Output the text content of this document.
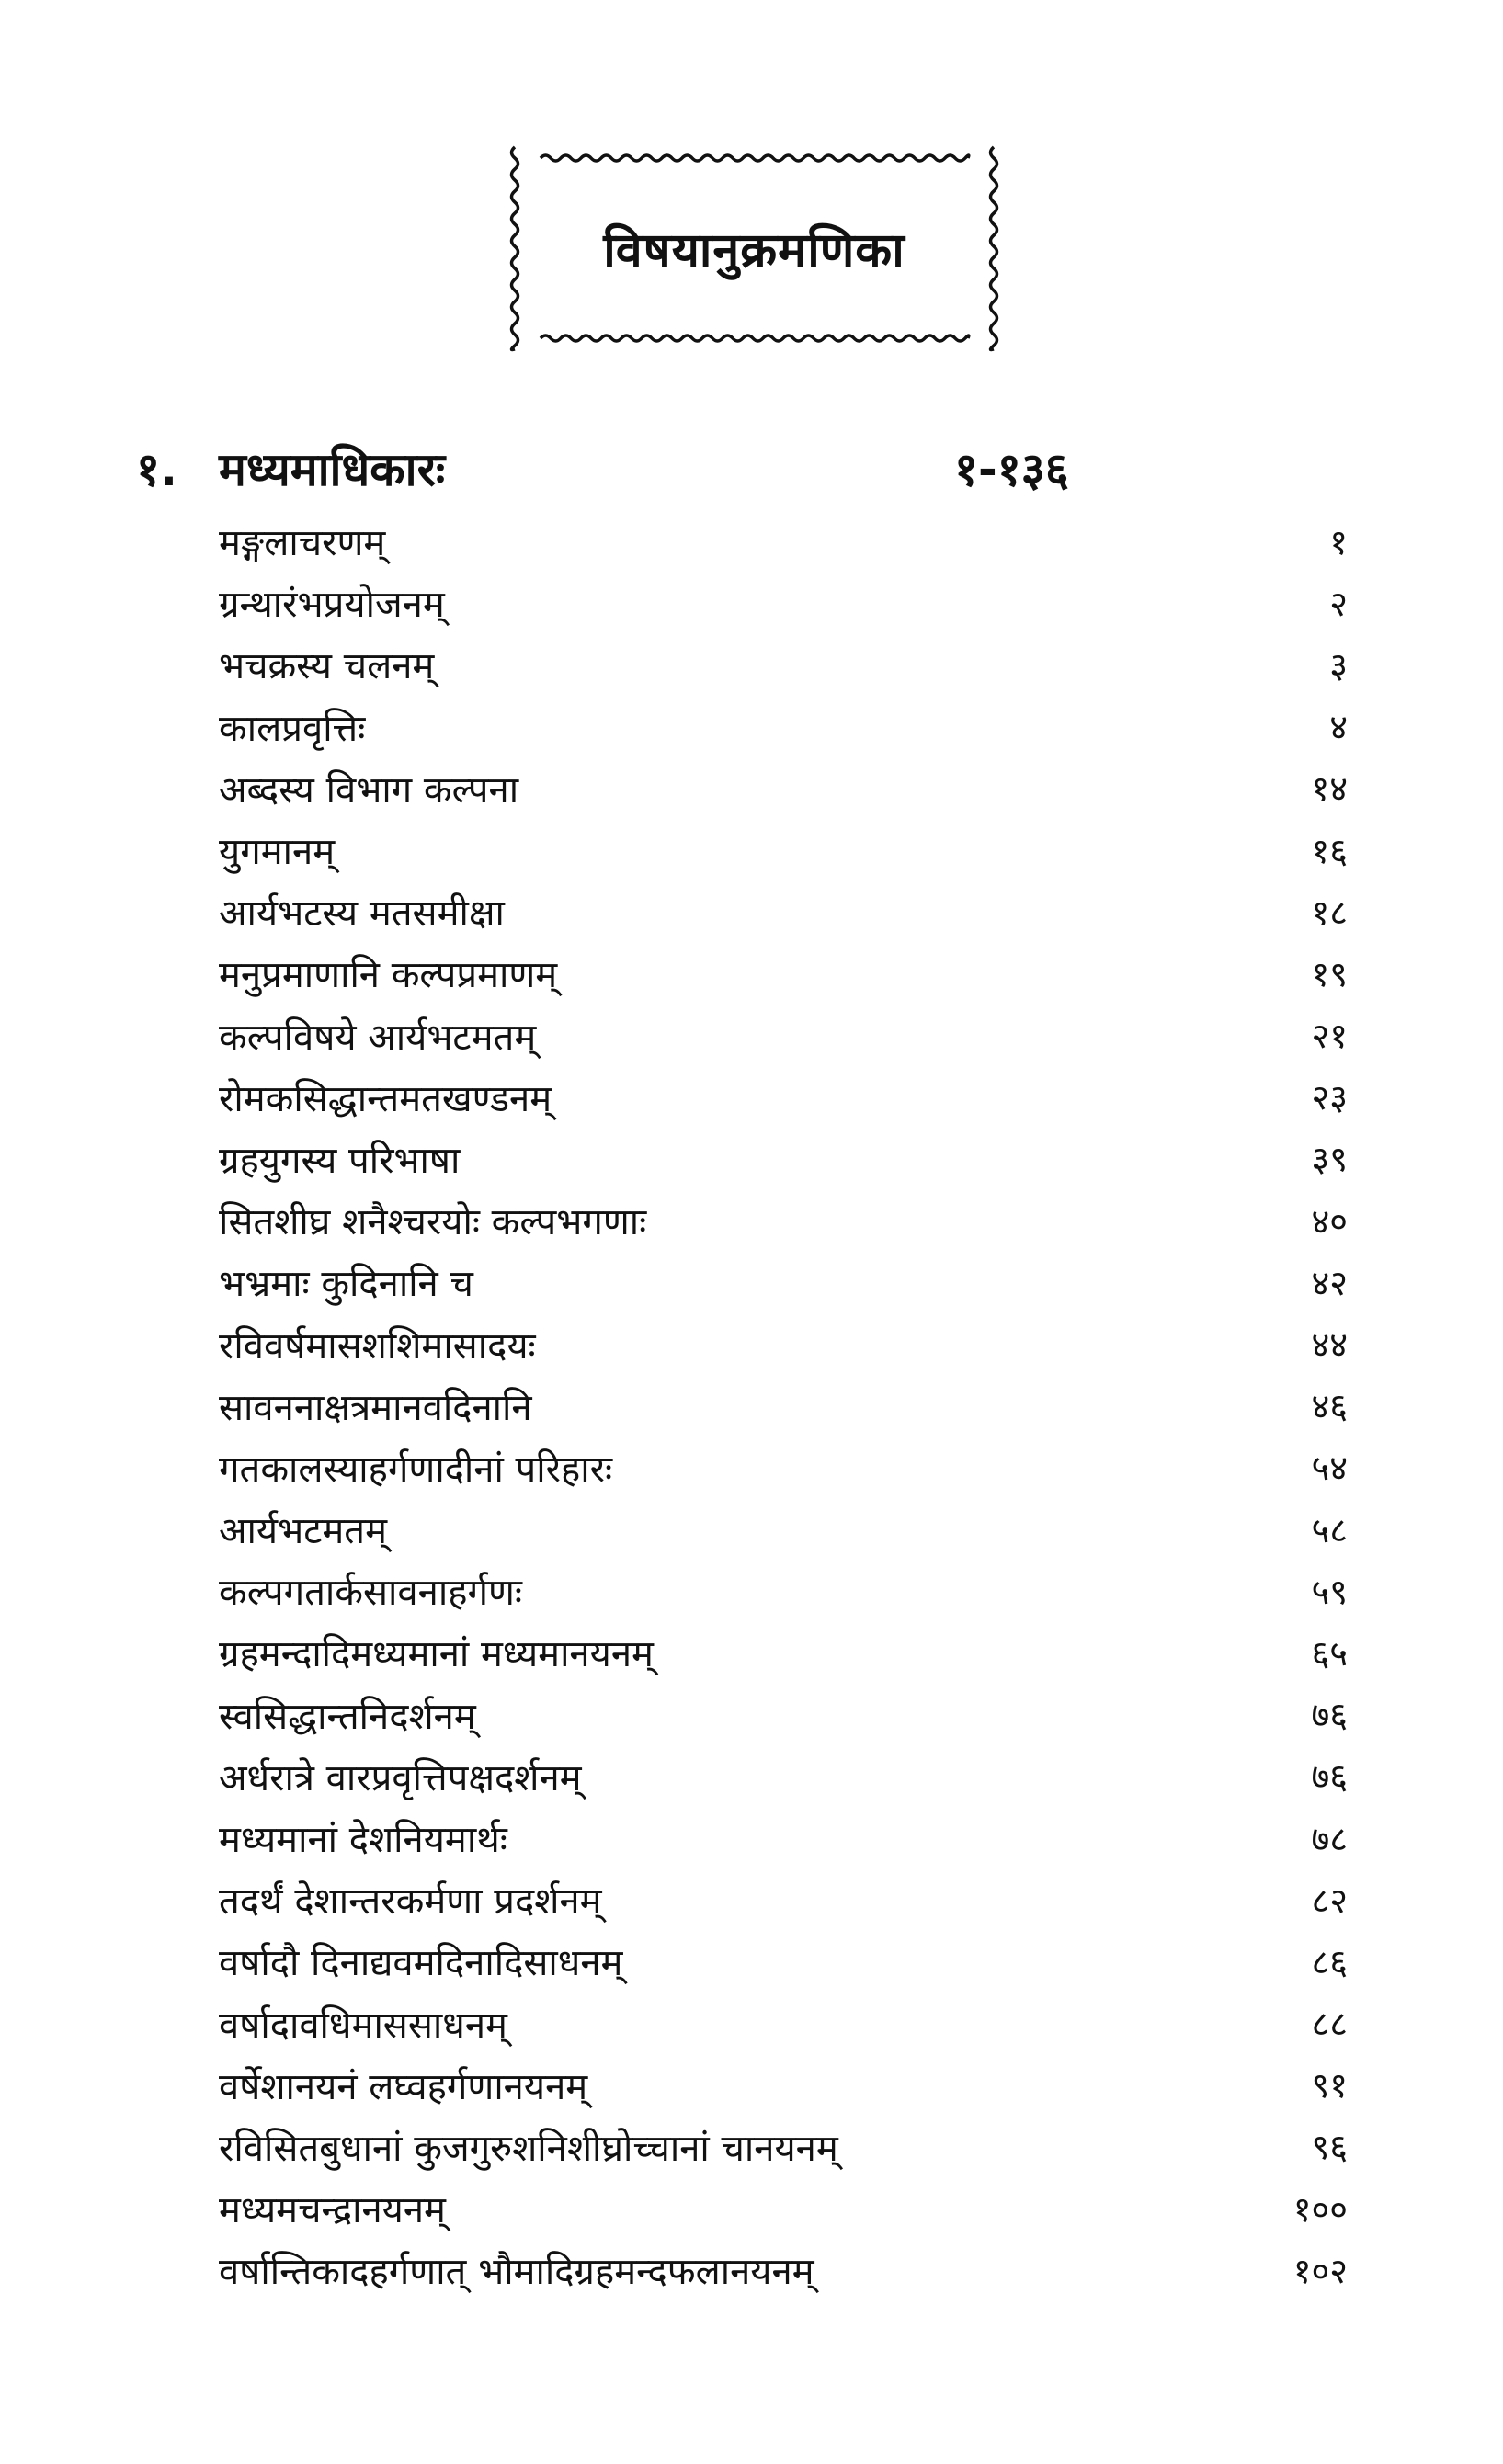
विषयानुक्रमणिका
१. मध्यमाधिकारः	१-१३६
मङ्गलाचरणम्	१
ग्रन्थारंभप्रयोजनम्	२
भचक्रस्य चलनम्	३
कालप्रवृत्तिः	४
अब्दस्य विभाग कल्पना	१४
युगमानम्	१६
आर्यभटस्य मतसमीक्षा	१८
मनुप्रमाणानि कल्पप्रमाणम्	१९
कल्पविषये आर्यभटमतम्	२१
रोमकसिद्धान्तमतखण्डनम्	२३
ग्रहयुगस्य परिभाषा	३९
सितशीघ्र शनैश्चरयोः कल्पभगणाः	४०
भभ्रमाः कुदिनानि च	४२
रविवर्षमासशशिमासादयः	४४
सावननाक्षत्रमानवदिनानि	४६
गतकालस्याहर्गणादीनां परिहारः	५४
आर्यभटमतम्	५८
कल्पगतार्कसावनाहर्गणः	५९
ग्रहमन्दादिमध्यमानां मध्यमानयनम्	६५
स्वसिद्धान्तनिदर्शनम्	७६
अर्धरात्रे वारप्रवृत्तिपक्षदर्शनम्	७६
मध्यमानां देशनियमार्थः	७८
तदर्थं देशान्तरकर्मणा प्रदर्शनम्	८२
वर्षादौ दिनाद्यवमदिनादिसाधनम्	८६
वर्षादावधिमाससाधनम्	८८
वर्षेशानयनं लघ्वहर्गणानयनम्	९१
रविसितबुधानां कुजगुरुशनिशीघ्रोच्चानां चानयनम्	९६
मध्यमचन्द्रानयनम्	१००
वर्षान्तिकादहर्गणात् भौमादिग्रहमन्दफलानयनम्	१०२
